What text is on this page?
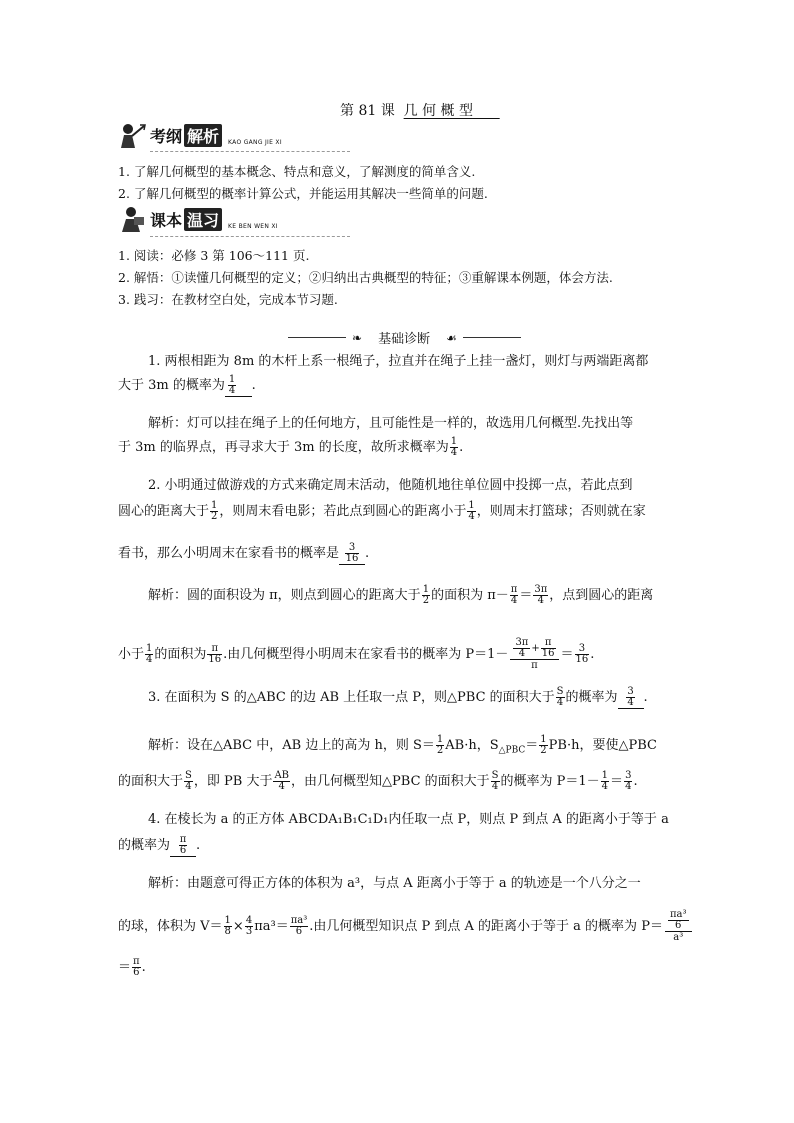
第 81 课 几 何 概 型
考纲 解析	KAO GANG JIE XI
1. 了解几何概型的基本概念、特点和意义，了解测度的简单含义.
2. 了解几何概型的概率计算公式，并能运用其解决一些简单的问题.
课本 温习	KE BEN WEN XI
1. 阅读：必修 3 第 106～111 页.
2. 解悟：①读懂几何概型的定义；②归纳出古典概型的特征；③重解课本例题，体会方法.
3. 践习：在教材空白处，完成本节习题.
❧ 基础诊断 ☙
1. 两根相距为 8m 的木杆上系一根绳子，拉直并在绳子上挂一盏灯，则灯与两端距离都
大于 3m 的概率为 $\frac{1}{4}$ .
解析：灯可以挂在绳子上的任何地方，且可能性是一样的，故选用几何概型.先找出等
于 3m 的临界点，再寻求大于 3m 的长度，故所求概率为 $\frac{1}{4}$ .
2. 小明通过做游戏的方式来确定周末活动，他随机地往单位圆中投掷一点，若此点到
圆心的距离大于 $\frac{1}{2}$ ，则周末看电影；若此点到圆心的距离小于 $\frac{1}{4}$ ，则周末打篮球；否则就在家
看书，那么小明周末在家看书的概率是 $\frac{3}{16}$ .
解析：圆的面积设为 π，则点到圆心的距离大于 $\frac{1}{2}$ 的面积为 $\pi- \frac{\pi}{4} = \frac{3\pi}{4}$ ，点到圆心的距离
小于 $\frac{1}{4}$ 的面积为 $\frac{\pi}{16}$ .由几何概型得小明周末在家看书的概率为 $P=1- \frac{\frac{3\pi}{4} + \frac{\pi}{16}}{\pi} = \frac{3}{16}$ .
3. 在面积为 S 的△ABC 的边 AB 上任取一点 P，则△PBC 的面积大于 $\frac{S}{4}$ 的概率为 $\frac{3}{4}$ .
解析：设在△ABC 中，AB 边上的高为 h，则 $S= \frac{1}{2} AB\cdot h$，$S_{\triangle PBC}= \frac{1}{2} PB\cdot h$，要使△PBC
的面积大于 $\frac{S}{4}$ ，即 PB 大于 $\frac{AB}{4}$ ，由几何概型知△PBC 的面积大于 $\frac{S}{4}$ 的概率为 $P=1- \frac{1}{4} = \frac{3}{4}$ .
4. 在棱长为 a 的正方体 ABCDA₁B₁C₁D₁内任取一点 P，则点 P 到点 A 的距离小于等于 a
的概率为 $\frac{\pi}{6}$ .
解析：由题意可得正方体的体积为 a³，与点 A 距离小于等于 a 的轨迹是一个八分之一
的球，体积为 $V= \frac{1}{8} \times \frac{4}{3} \pi a^3= \frac{\text{πa³}}{6}$ .由几何概型知识点 P 到点 A 的距离小于等于 a 的概率为 $P= \frac{\frac{\text{πa³}}{6}}{\text{a³}}$
＝ $\frac{\pi}{6}$ .
